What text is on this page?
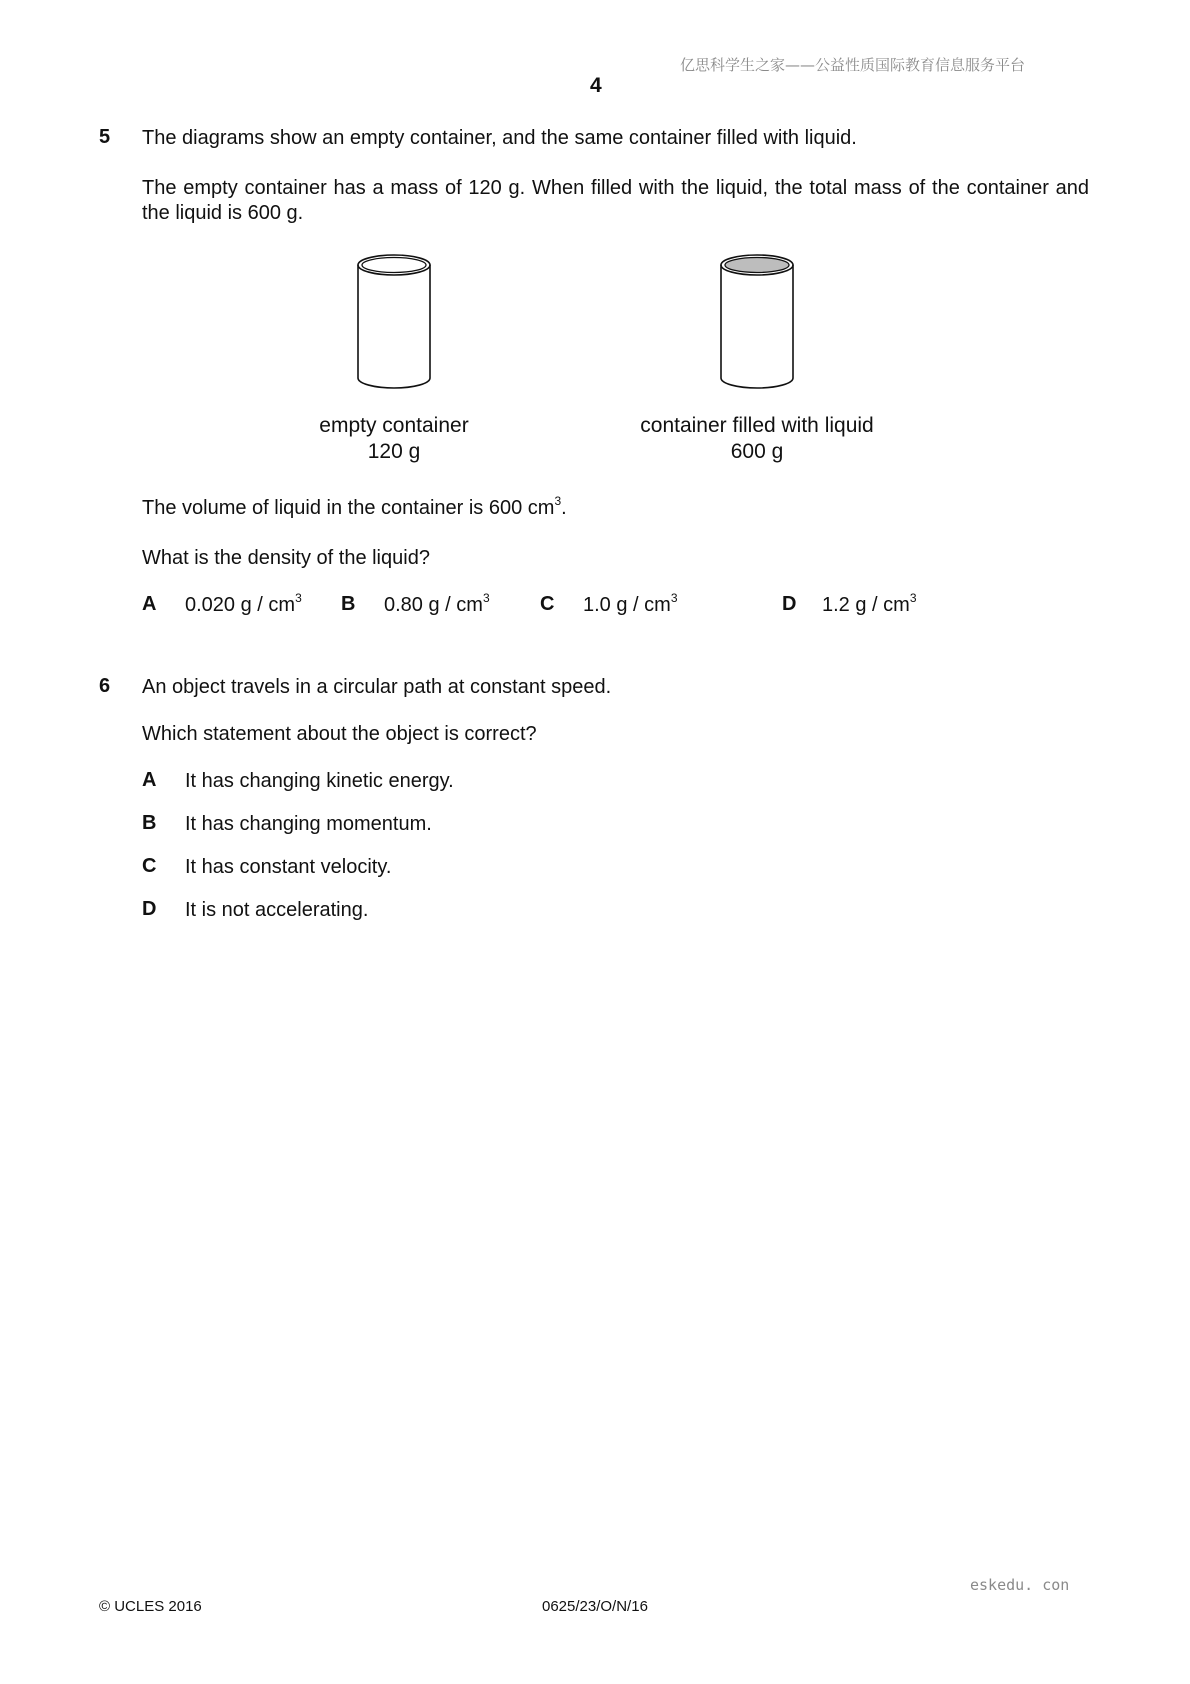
亿思科学生之家——公益性质国际教育信息服务平台
4
5 The diagrams show an empty container, and the same container filled with liquid.
The empty container has a mass of 120 g. When filled with the liquid, the total mass of the container and the liquid is 600 g.
empty container
120 g
container filled with liquid
600 g
The volume of liquid in the container is 600 $cm^3$.
What is the density of the liquid?
A 0.020 g / $cm^3$ B 0.80 g / $cm^3$	C 1.0 g / $cm^3$	D 1.2 g / $cm^3$
6 An object travels in a circular path at constant speed.
Which statement about the object is correct?
A It has changing kinetic energy.
B It has changing momentum.
C It has constant velocity.
D It is not accelerating.
eskedu. con
© UCLES 2016	0625/23/O/N/16
